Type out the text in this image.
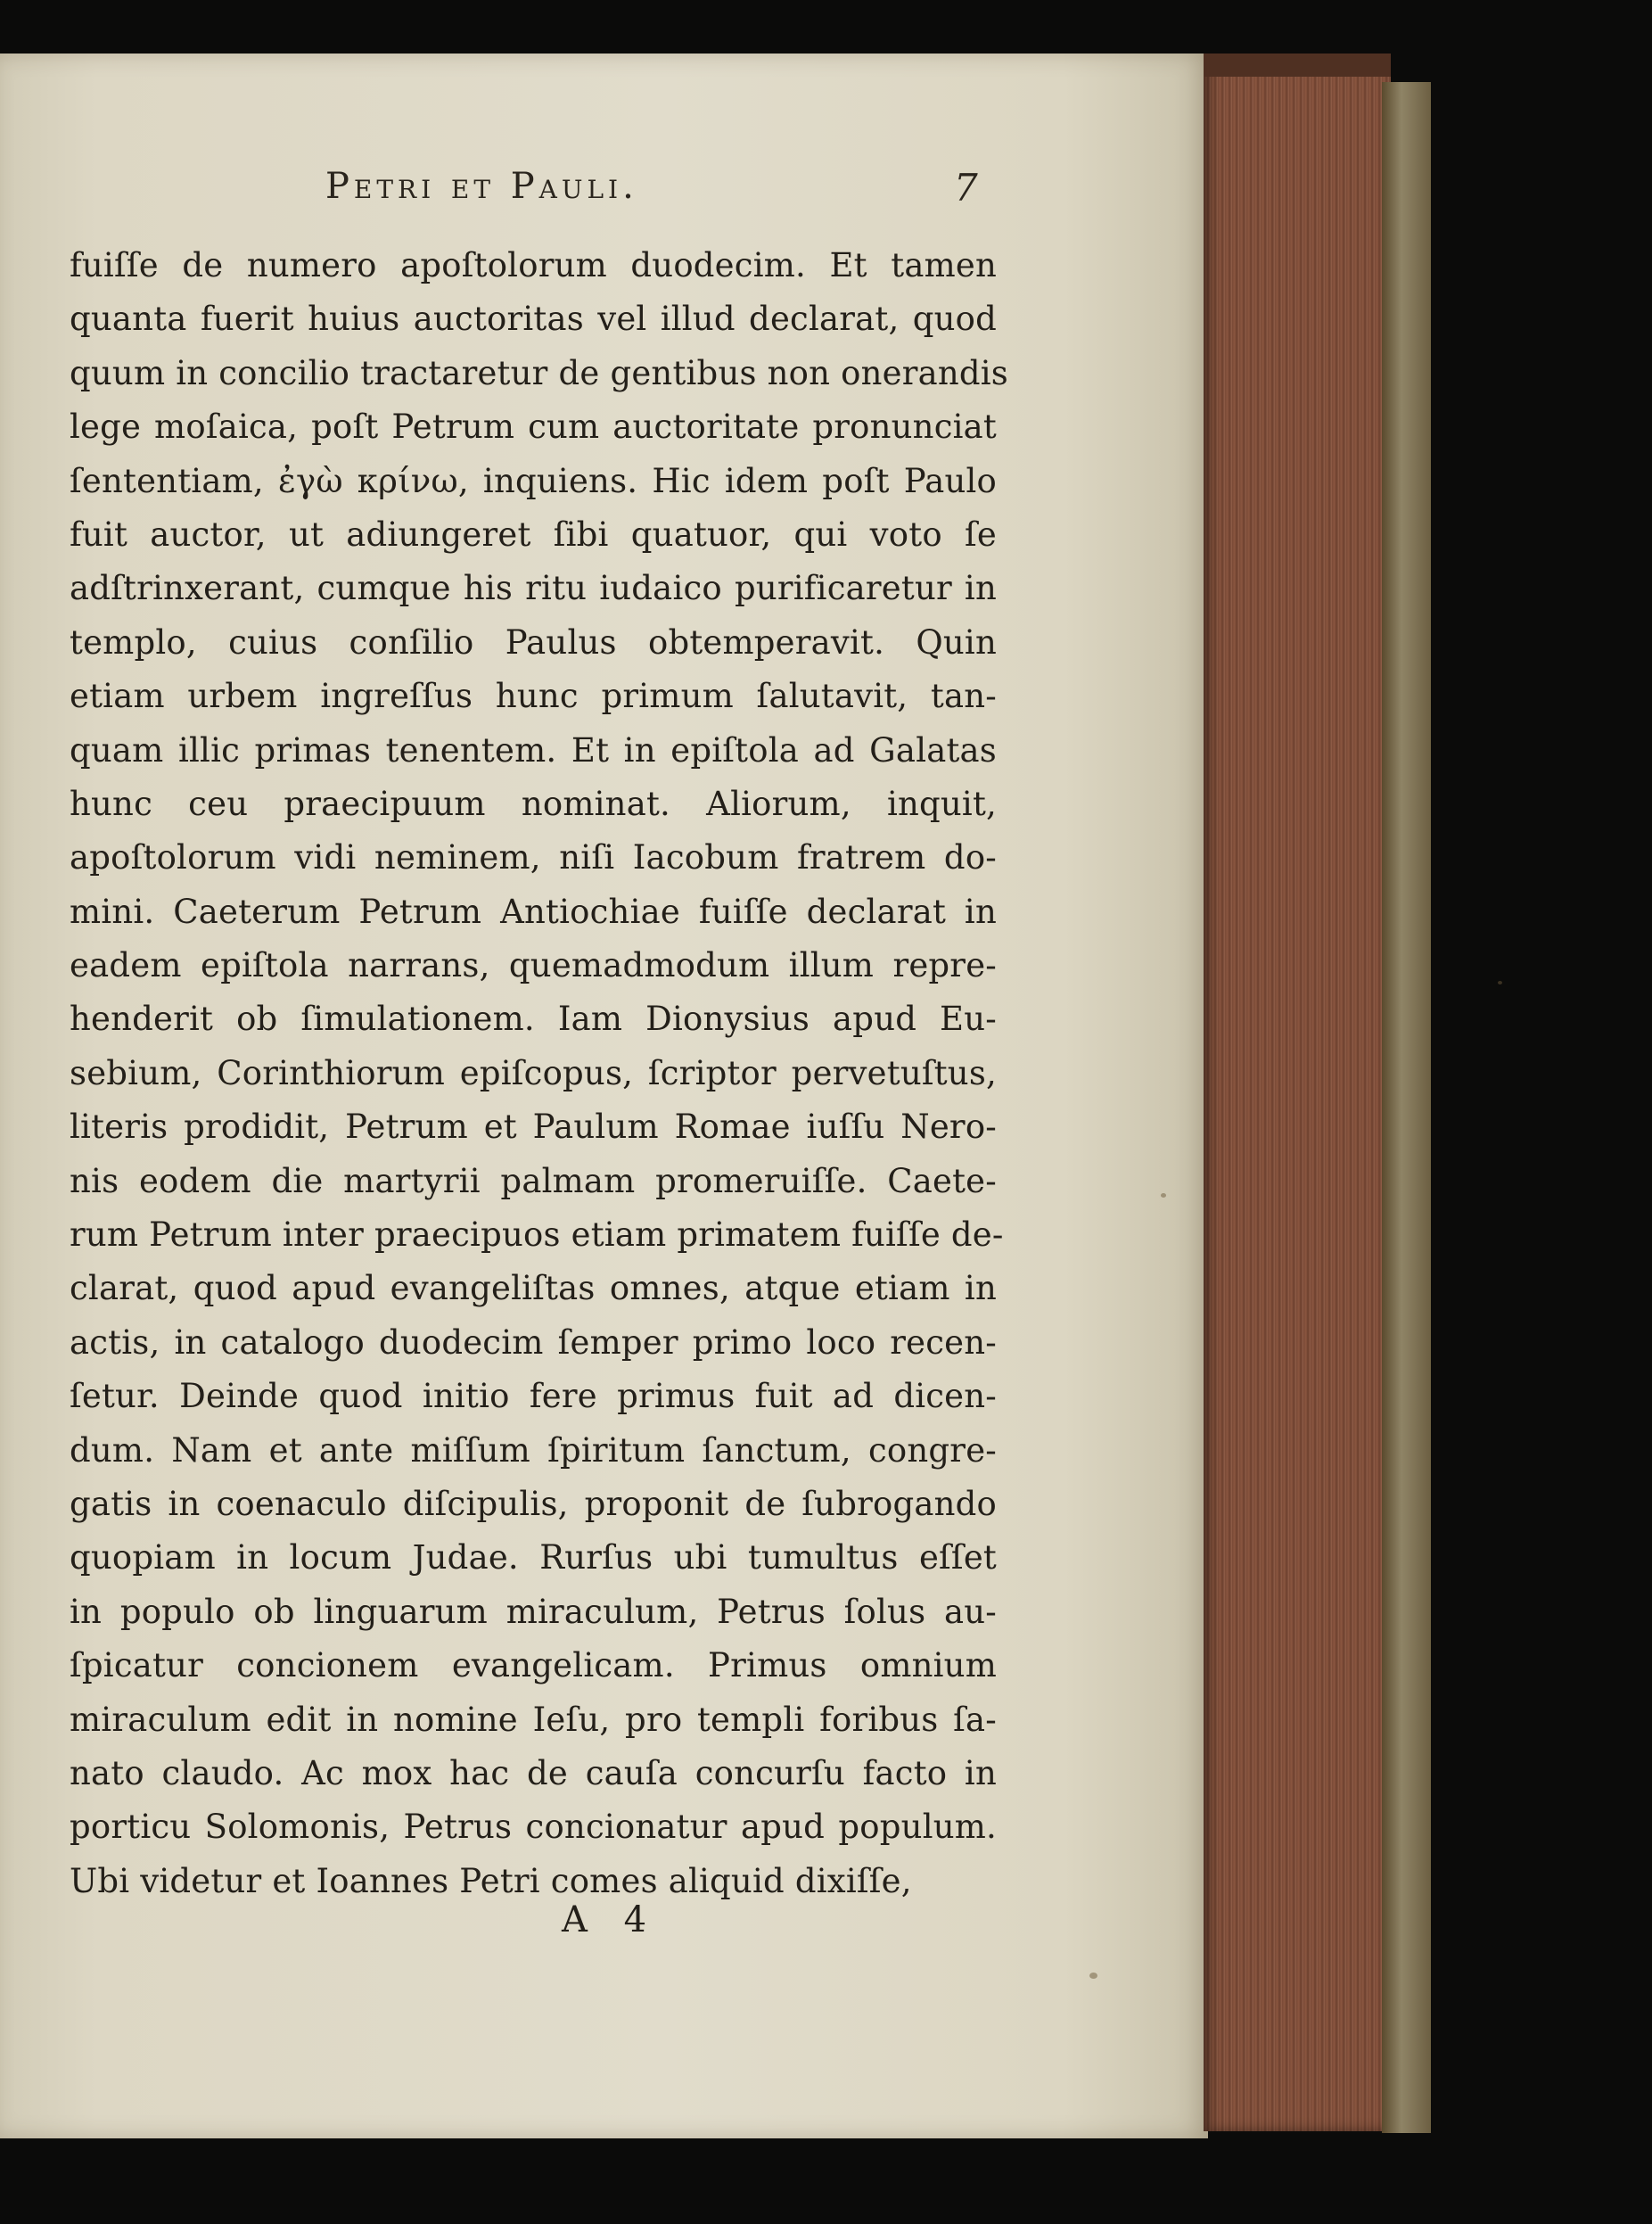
Petri et Pauli.	7
fuiſſe de numero apoſtolorum duodecim. Et tamen
quanta fuerit huius auctoritas vel illud declarat, quod
quum in concilio tractaretur de gentibus non onerandis
lege moſaica, poſt Petrum cum auctoritate pronunciat
ſententiam, ἐγὼ κρίνω, inquiens. Hic idem poſt Paulo
fuit auctor, ut adiungeret ſibi quatuor, qui voto ſe
adſtrinxerant, cumque his ritu iudaico purificaretur in
templo, cuius conſilio Paulus obtemperavit. Quin
etiam urbem ingreſſus hunc primum ſalutavit, tan-
quam illic primas tenentem. Et in epiſtola ad Galatas
hunc ceu praecipuum nominat. Aliorum, inquit,
apoſtolorum vidi neminem, niſi Iacobum fratrem do-
mini. Caeterum Petrum Antiochiae fuiſſe declarat in
eadem epiſtola narrans, quemadmodum illum repre-
henderit ob ſimulationem. Iam Dionysius apud Eu-
sebium, Corinthiorum epiſcopus, ſcriptor pervetuſtus,
literis prodidit, Petrum et Paulum Romae iuſſu Nero-
nis eodem die martyrii palmam promeruiſſe. Caete-
rum Petrum inter praecipuos etiam primatem fuiſſe de-
clarat, quod apud evangeliſtas omnes, atque etiam in
actis, in catalogo duodecim ſemper primo loco recen-
ſetur. Deinde quod initio fere primus fuit ad dicen-
dum. Nam et ante miſſum ſpiritum ſanctum, congre-
gatis in coenaculo diſcipulis, proponit de ſubrogando
quopiam in locum Judae. Rurſus ubi tumultus eſſet
in populo ob linguarum miraculum, Petrus ſolus au-
ſpicatur concionem evangelicam. Primus omnium
miraculum edit in nomine Ieſu, pro templi foribus ſa-
nato claudo. Ac mox hac de cauſa concurſu facto in
porticu Solomonis, Petrus concionatur apud populum.
Ubi videtur et Ioannes Petri comes aliquid dixiſſe,
A 4
